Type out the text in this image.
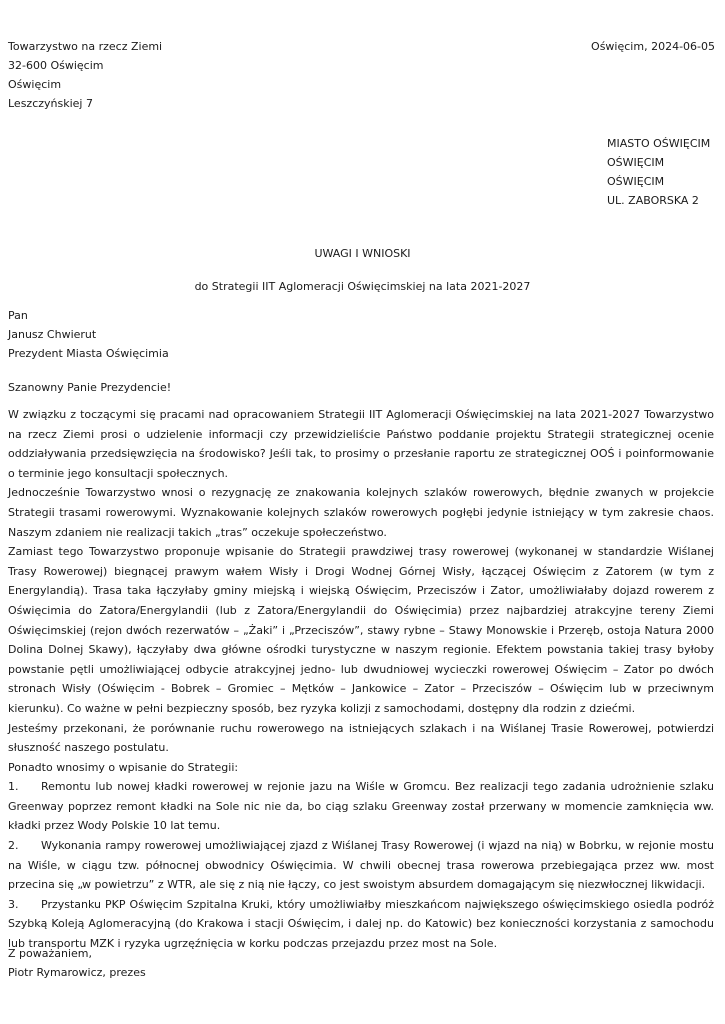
Towarzystwo na rzecz Ziemi
32-600 Oświęcim
Oświęcim
Leszczyńskiej 7
Oświęcim, 2024-06-05
MIASTO OŚWIĘCIM
OŚWIĘCIM
OŚWIĘCIM
UL. ZABORSKA 2
UWAGI I WNIOSKI
do Strategii IIT Aglomeracji Oświęcimskiej na lata 2021-2027
Pan
Janusz Chwierut
Prezydent Miasta Oświęcimia
Szanowny Panie Prezydencie!

W związku z toczącymi się pracami nad opracowaniem Strategii IIT Aglomeracji Oświęcimskiej na lata 2021-2027 Towarzystwo na rzecz Ziemi prosi o udzielenie informacji czy przewidzieliście Państwo poddanie projektu Strategii strategicznej ocenie oddziaływania przedsięwzięcia na środowisko? Jeśli tak, to prosimy o przesłanie raportu ze strategicznej OOŚ i poinformowanie o terminie jego konsultacji społecznych.

Jednocześnie Towarzystwo wnosi o rezygnację ze znakowania kolejnych szlaków rowerowych, błędnie zwanych w projekcie Strategii trasami rowerowymi. Wyznakowanie kolejnych szlaków rowerowych pogłębi jedynie istniejący w tym zakresie chaos. Naszym zdaniem nie realizacji takich „tras” oczekuje społeczeństwo.

Zamiast tego Towarzystwo proponuje wpisanie do Strategii prawdziwej trasy rowerowej (wykonanej w standardzie Wiślanej Trasy Rowerowej) biegnącej prawym wałem Wisły i Drogi Wodnej Górnej Wisły, łączącej Oświęcim z Zatorem (w tym z Energylandią). Trasa taka łączyłaby gminy miejską i wiejską Oświęcim, Przeciszów i Zator, umożliwiałaby dojazd rowerem z Oświęcimia do Zatora/Energylandii (lub z Zatora/Energylandii do Oświęcimia) przez najbardziej atrakcyjne tereny Ziemi Oświęcimskiej (rejon dwóch rezerwatów – „Żaki” i „Przeciszów”, stawy rybne – Stawy Monowskie i Przeręb, ostoja Natura 2000 Dolina Dolnej Skawy), łączyłaby dwa główne ośrodki turystyczne w naszym regionie. Efektem powstania takiej trasy byłoby powstanie pętli umożliwiającej odbycie atrakcyjnej jedno- lub dwudniowej wycieczki rowerowej Oświęcim – Zator po dwóch stronach Wisły (Oświęcim - Bobrek – Gromiec – Mętków – Jankowice – Zator – Przeciszów – Oświęcim lub w przeciwnym kierunku). Co ważne w pełni bezpieczny sposób, bez ryzyka kolizji z samochodami, dostępny dla rodzin z dziećmi.

Jesteśmy przekonani, że porównanie ruchu rowerowego na istniejących szlakach i na Wiślanej Trasie Rowerowej, potwierdzi słuszność naszego postulatu.

Ponadto wnosimy o wpisanie do Strategii:

1. Remontu lub nowej kładki rowerowej w rejonie jazu na Wiśle w Gromcu. Bez realizacji tego zadania udrożnienie szlaku Greenway poprzez remont kładki na Sole nic nie da, bo ciąg szlaku Greenway został przerwany w momencie zamknięcia ww. kładki przez Wody Polskie 10 lat temu.
2. Wykonania rampy rowerowej umożliwiającej zjazd z Wiślanej Trasy Rowerowej (i wjazd na nią) w Bobrku, w rejonie mostu na Wiśle, w ciągu tzw. północnej obwodnicy Oświęcimia. W chwili obecnej trasa rowerowa przebiegająca przez ww. most przecina się „w powietrzu” z WTR, ale się z nią nie łączy, co jest swoistym absurdem domagającym się niezwłocznej likwidacji.
3. Przystanku PKP Oświęcim Szpitalna Kruki, który umożliwiałby mieszkańcom największego oświęcimskiego osiedla podróż Szybką Koleją Aglomeracyjną (do Krakowa i stacji Oświęcim, i dalej np. do Katowic) bez konieczności korzystania z samochodu lub transportu MZK i ryzyka ugrzęźnięcia w korku podczas przejazdu przez most na Sole.
Z poważaniem,
Piotr Rymarowicz, prezes
